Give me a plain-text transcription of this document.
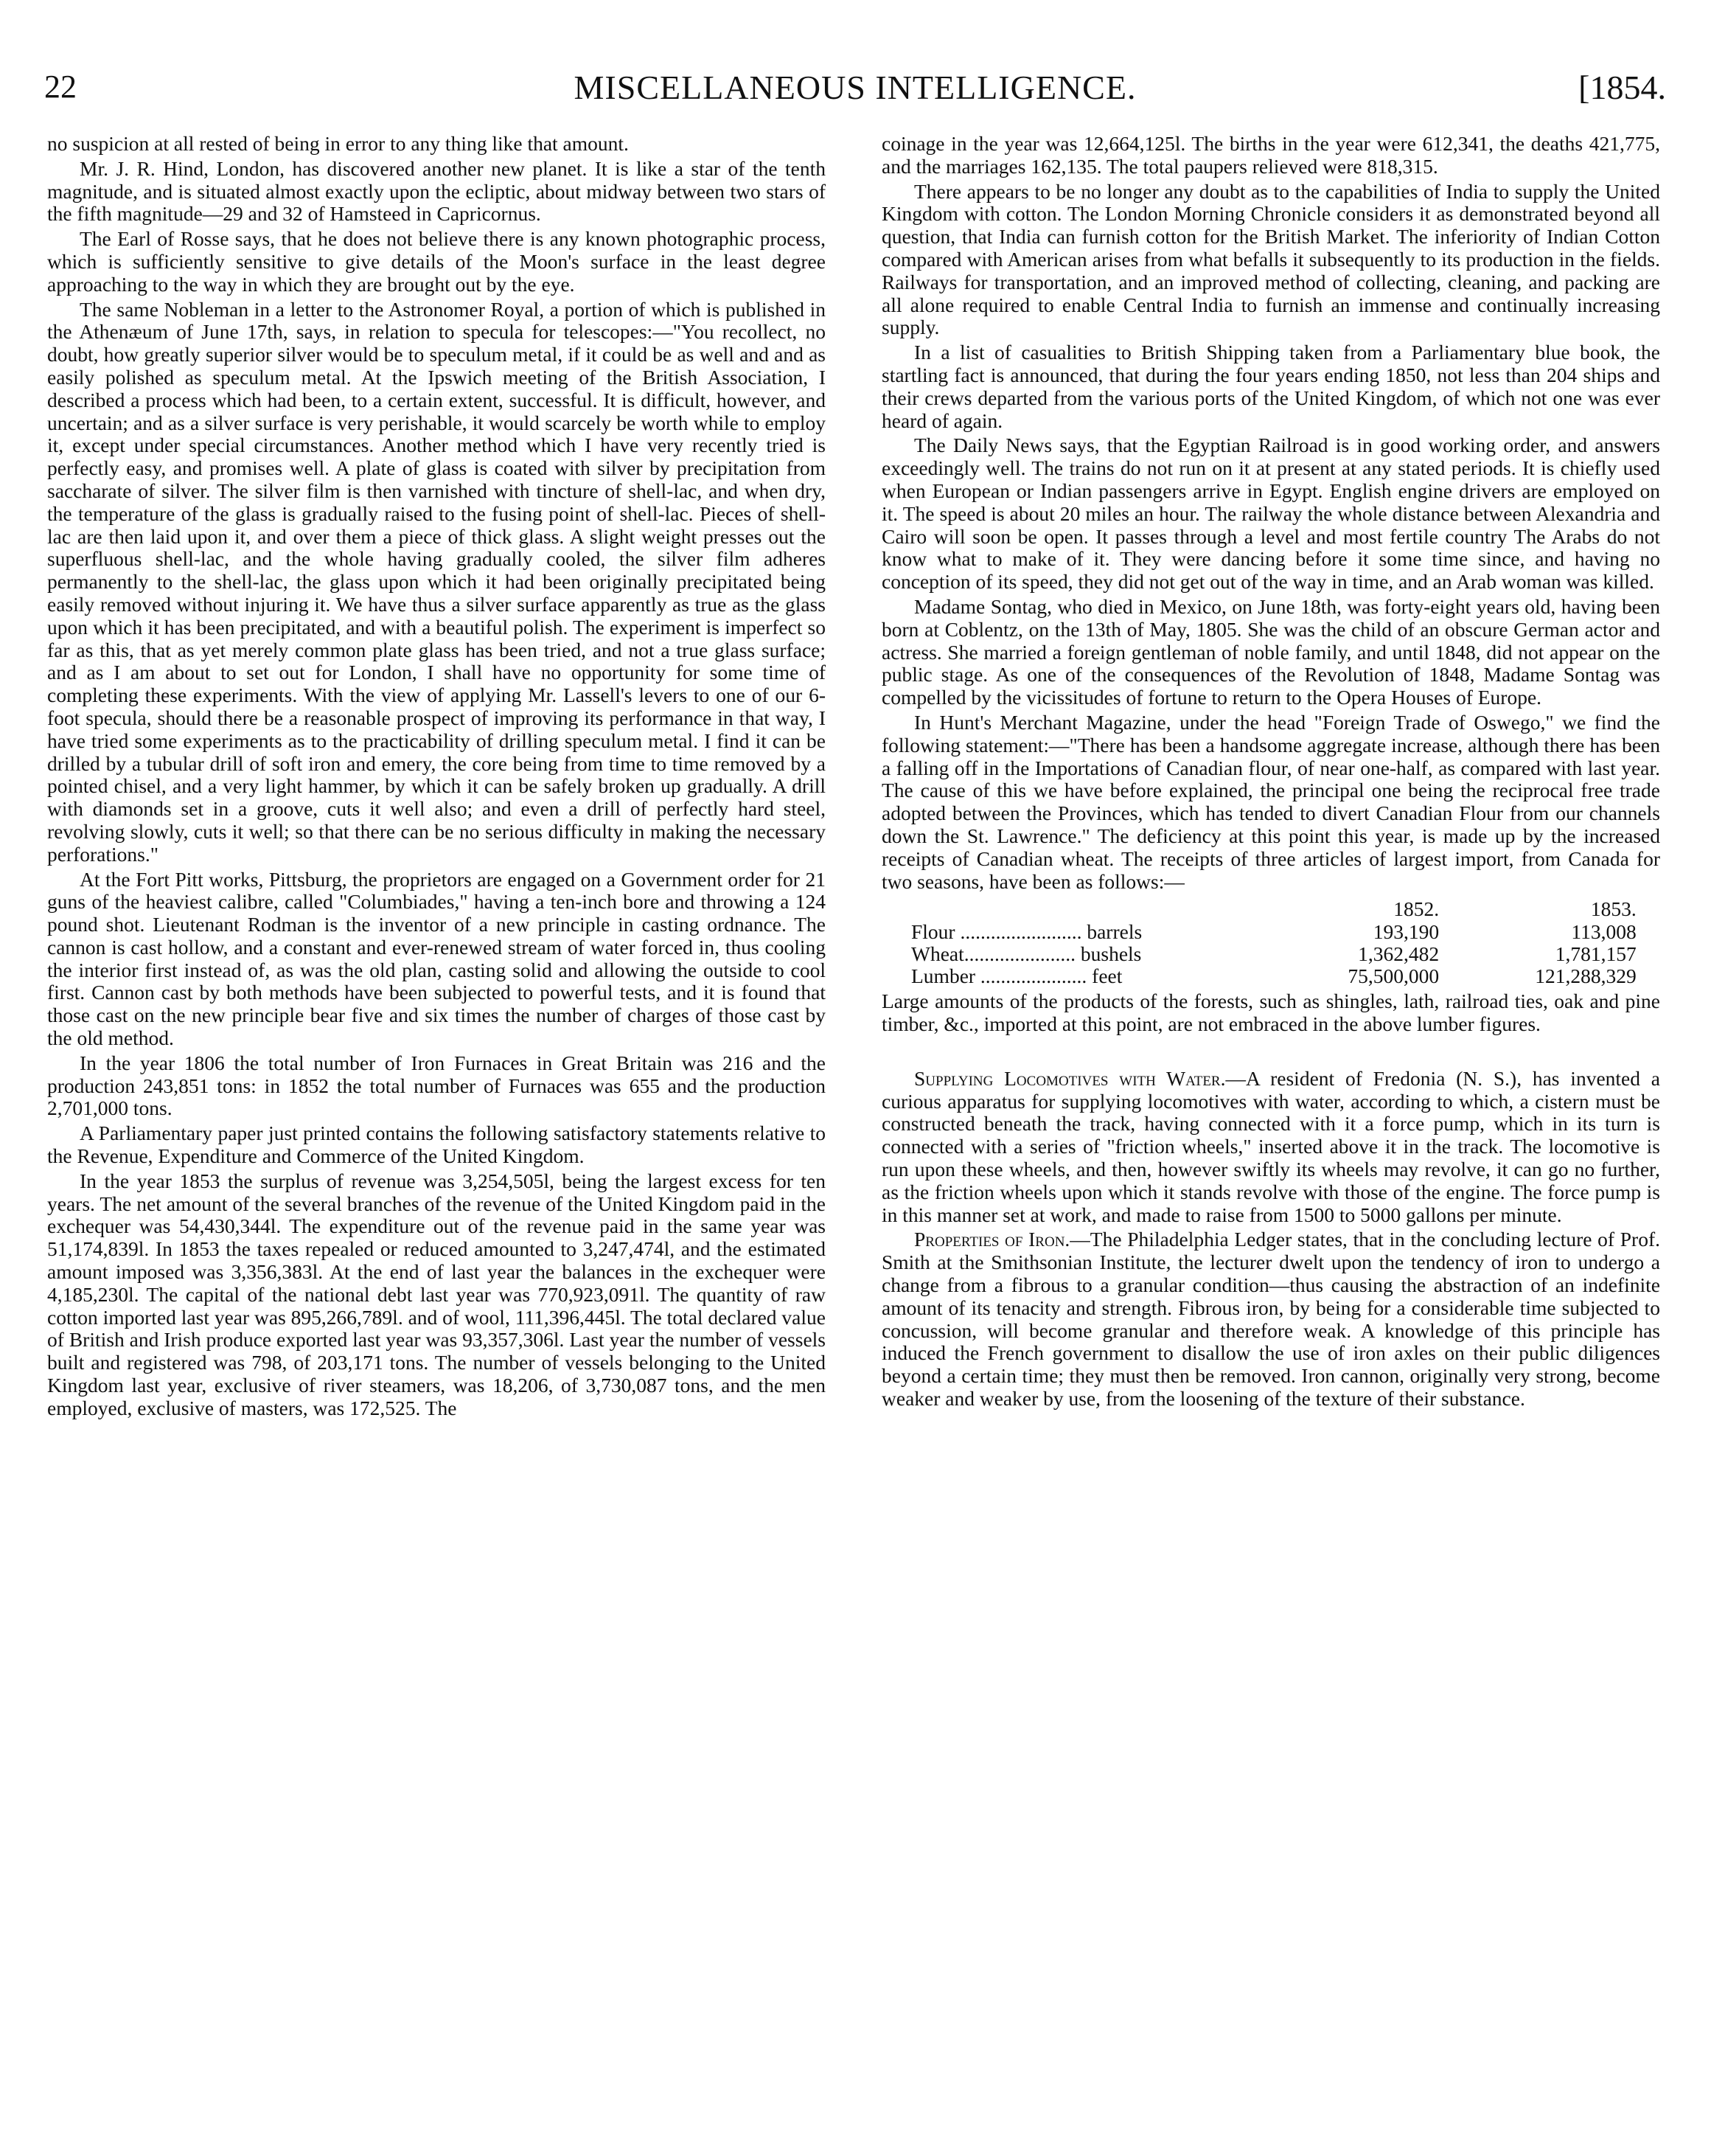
22	MISCELLANEOUS INTELLIGENCE.	[1854.

no suspicion at all rested of being in error to any thing like that amount.

Mr. J. R. Hind, London, has discovered another new planet. It is like a star of the tenth magnitude, and is situated almost exactly upon the ecliptic, about midway between two stars of the fifth magnitude—29 and 32 of Hamsteed in Capricornus.

The Earl of Rosse says, that he does not believe there is any known photographic process, which is sufficiently sensitive to give details of the Moon's surface in the least degree approaching to the way in which they are brought out by the eye.

The same Nobleman in a letter to the Astronomer Royal, a portion of which is published in the Athenæum of June 17th, says, in relation to specula for telescopes:—"You recollect, no doubt, how greatly superior silver would be to speculum metal, if it could be as well and and as easily polished as speculum metal. At the Ipswich meeting of the British Association, I described a process which had been, to a certain extent, successful. It is difficult, however, and uncertain; and as a silver surface is very perishable, it would scarcely be worth while to employ it, except under special circumstances. Another method which I have very recently tried is perfectly easy, and promises well. A plate of glass is coated with silver by precipitation from saccharate of silver. The silver film is then varnished with tincture of shell-lac, and when dry, the temperature of the glass is gradually raised to the fusing point of shell-lac. Pieces of shell-lac are then laid upon it, and over them a piece of thick glass. A slight weight presses out the superfluous shell-lac, and the whole having gradually cooled, the silver film adheres permanently to the shell-lac, the glass upon which it had been originally precipitated being easily removed without injuring it. We have thus a silver surface apparently as true as the glass upon which it has been precipitated, and with a beautiful polish. The experiment is imperfect so far as this, that as yet merely common plate glass has been tried, and not a true glass surface; and as I am about to set out for London, I shall have no opportunity for some time of completing these experiments. With the view of applying Mr. Lassell's levers to one of our 6-foot specula, should there be a reasonable prospect of improving its performance in that way, I have tried some experiments as to the practicability of drilling speculum metal. I find it can be drilled by a tubular drill of soft iron and emery, the core being from time to time removed by a pointed chisel, and a very light hammer, by which it can be safely broken up gradually. A drill with diamonds set in a groove, cuts it well also; and even a drill of perfectly hard steel, revolving slowly, cuts it well; so that there can be no serious difficulty in making the necessary perforations."

At the Fort Pitt works, Pittsburg, the proprietors are engaged on a Government order for 21 guns of the heaviest calibre, called "Columbiades," having a ten-inch bore and throwing a 124 pound shot. Lieutenant Rodman is the inventor of a new principle in casting ordnance. The cannon is cast hollow, and a constant and ever-renewed stream of water forced in, thus cooling the interior first instead of, as was the old plan, casting solid and allowing the outside to cool first. Cannon cast by both methods have been subjected to powerful tests, and it is found that those cast on the new principle bear five and six times the number of charges of those cast by the old method.

In the year 1806 the total number of Iron Furnaces in Great Britain was 216 and the production 243,851 tons: in 1852 the total number of Furnaces was 655 and the production 2,701,000 tons.

A Parliamentary paper just printed contains the following satisfactory statements relative to the Revenue, Expenditure and Commerce of the United Kingdom.

In the year 1853 the surplus of revenue was 3,254,505l, being the largest excess for ten years. The net amount of the several branches of the revenue of the United Kingdom paid in the exchequer was 54,430,344l. The expenditure out of the revenue paid in the same year was 51,174,839l. In 1853 the taxes repealed or reduced amounted to 3,247,474l, and the estimated amount imposed was 3,356,383l. At the end of last year the balances in the exchequer were 4,185,230l. The capital of the national debt last year was 770,923,091l. The quantity of raw cotton imported last year was 895,266,789l. and of wool, 111,396,445l. The total declared value of British and Irish produce exported last year was 93,357,306l. Last year the number of vessels built and registered was 798, of 203,171 tons. The number of vessels belonging to the United Kingdom last year, exclusive of river steamers, was 18,206, of 3,730,087 tons, and the men employed, exclusive of masters, was 172,525. The

coinage in the year was 12,664,125l. The births in the year were 612,341, the deaths 421,775, and the marriages 162,135. The total paupers relieved were 818,315.

There appears to be no longer any doubt as to the capabilities of India to supply the United Kingdom with cotton. The London Morning Chronicle considers it as demonstrated beyond all question, that India can furnish cotton for the British Market. The inferiority of Indian Cotton compared with American arises from what befalls it subsequently to its production in the fields. Railways for transportation, and an improved method of collecting, cleaning, and packing are all alone required to enable Central India to furnish an immense and continually increasing supply.

In a list of casualities to British Shipping taken from a Parliamentary blue book, the startling fact is announced, that during the four years ending 1850, not less than 204 ships and their crews departed from the various ports of the United Kingdom, of which not one was ever heard of again.

The Daily News says, that the Egyptian Railroad is in good working order, and answers exceedingly well. The trains do not run on it at present at any stated periods. It is chiefly used when European or Indian passengers arrive in Egypt. English engine drivers are employed on it. The speed is about 20 miles an hour. The railway the whole distance between Alexandria and Cairo will soon be open. It passes through a level and most fertile country The Arabs do not know what to make of it. They were dancing before it some time since, and having no conception of its speed, they did not get out of the way in time, and an Arab woman was killed.

Madame Sontag, who died in Mexico, on June 18th, was forty-eight years old, having been born at Coblentz, on the 13th of May, 1805. She was the child of an obscure German actor and actress. She married a foreign gentleman of noble family, and until 1848, did not appear on the public stage. As one of the consequences of the Revolution of 1848, Madame Sontag was compelled by the vicissitudes of fortune to return to the Opera Houses of Europe.

In Hunt's Merchant Magazine, under the head "Foreign Trade of Oswego," we find the following statement:—"There has been a handsome aggregate increase, although there has been a falling off in the Importations of Canadian flour, of near one-half, as compared with last year. The cause of this we have before explained, the principal one being the reciprocal free trade adopted between the Provinces, which has tended to divert Canadian Flour from our channels down the St. Lawrence." The deficiency at this point this year, is made up by the increased receipts of Canadian wheat. The receipts of three articles of largest import, from Canada for two seasons, have been as follows:—

	1852.	1853.
Flour ........................ barrels	193,190	113,008
Wheat...................... bushels	1,362,482	1,781,157
Lumber ..................... feet	75,500,000	121,288,329

Large amounts of the products of the forests, such as shingles, lath, railroad ties, oak and pine timber, &c., imported at this point, are not embraced in the above lumber figures.

Supplying Locomotives with Water.—A resident of Fredonia (N. S.), has invented a curious apparatus for supplying locomotives with water, according to which, a cistern must be constructed beneath the track, having connected with it a force pump, which in its turn is connected with a series of "friction wheels," inserted above it in the track. The locomotive is run upon these wheels, and then, however swiftly its wheels may revolve, it can go no further, as the friction wheels upon which it stands revolve with those of the engine. The force pump is in this manner set at work, and made to raise from 1500 to 5000 gallons per minute.

Properties of Iron.—The Philadelphia Ledger states, that in the concluding lecture of Prof. Smith at the Smithsonian Institute, the lecturer dwelt upon the tendency of iron to undergo a change from a fibrous to a granular condition—thus causing the abstraction of an indefinite amount of its tenacity and strength. Fibrous iron, by being for a considerable time subjected to concussion, will become granular and therefore weak. A knowledge of this principle has induced the French government to disallow the use of iron axles on their public diligences beyond a certain time; they must then be removed. Iron cannon, originally very strong, become weaker and weaker by use, from the loosening of the texture of their substance.
